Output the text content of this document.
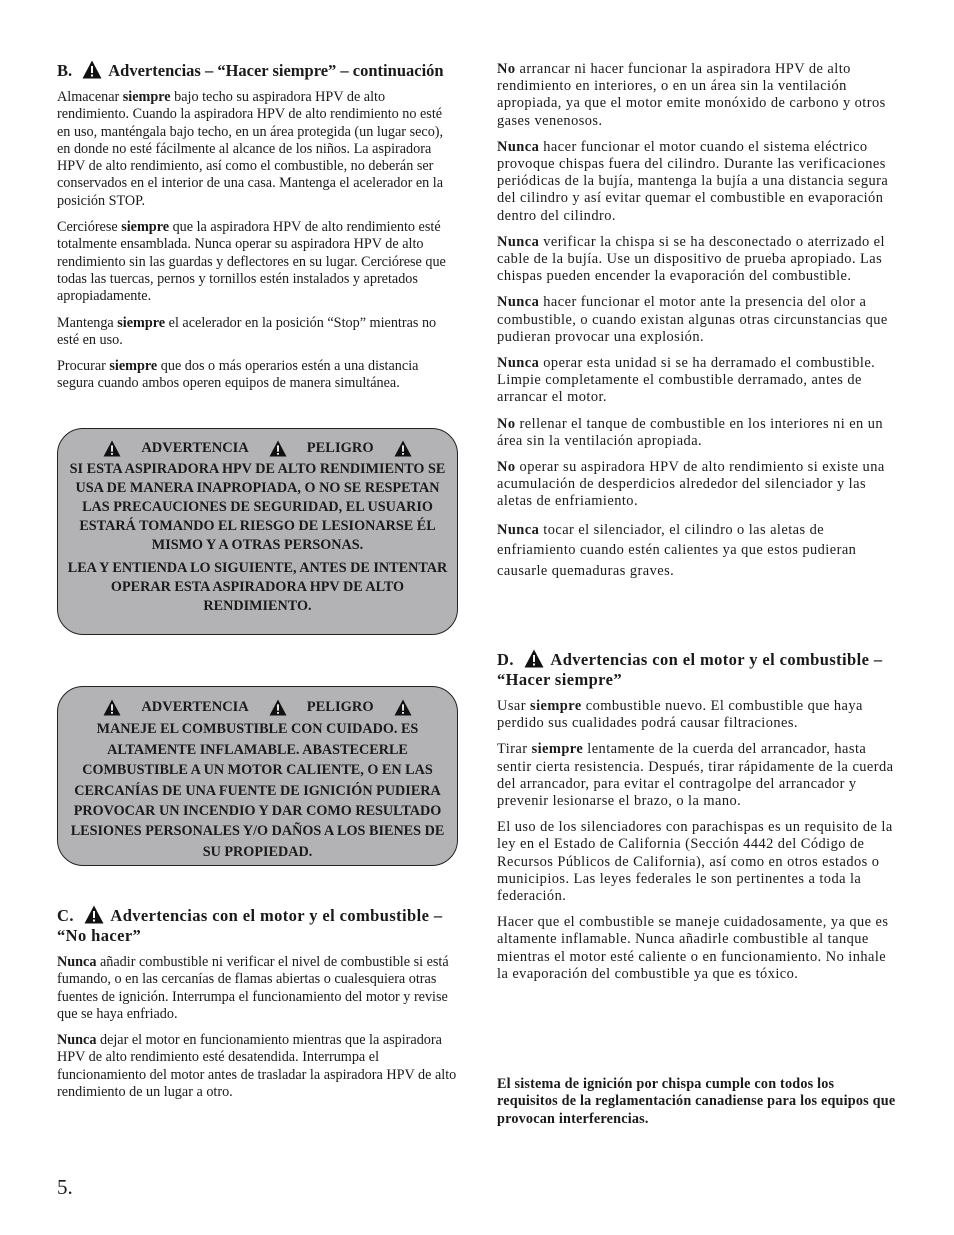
B. Advertencias – “Hacer siempre” – continuación

Almacenar siempre bajo techo su aspiradora HPV de alto rendimiento. Cuando la aspiradora HPV de alto rendimiento no esté en uso, manténgala bajo techo, en un área protegida (un lugar seco), en donde no esté fácilmente al alcance de los niños. La aspiradora HPV de alto rendimiento, así como el combustible, no deberán ser conservados en el interior de una casa. Mantenga el acelerador en la posición STOP.

Cerciórese siempre que la aspiradora HPV de alto rendimiento esté totalmente ensamblada. Nunca operar su aspiradora HPV de alto rendimiento sin las guardas y deflectores en su lugar. Cerciórese que todas las tuercas, pernos y tornillos estén instalados y apretados apropiadamente.

Mantenga siempre el acelerador en la posición “Stop” mientras no esté en uso.

Procurar siempre que dos o más operarios estén a una distancia segura cuando ambos operen equipos de manera simultánea.

ADVERTENCIA	PELIGRO

SI ESTA ASPIRADORA HPV DE ALTO RENDIMIENTO SE USA DE MANERA INAPROPIADA, O NO SE RESPETAN LAS PRECAUCIONES DE SEGURIDAD, EL USUARIO ESTARÁ TOMANDO EL RIESGO DE LESIONARSE ÉL MISMO Y A OTRAS PERSONAS.

LEA Y ENTIENDA LO SIGUIENTE, ANTES DE INTENTAR OPERAR ESTA ASPIRADORA HPV DE ALTO RENDIMIENTO.

ADVERTENCIA	PELIGRO

MANEJE EL COMBUSTIBLE CON CUIDADO. ES ALTAMENTE INFLAMABLE. ABASTECERLE COMBUSTIBLE A UN MOTOR CALIENTE, O EN LAS CERCANÍAS DE UNA FUENTE DE IGNICIÓN PUDIERA PROVOCAR UN INCENDIO Y DAR COMO RESULTADO LESIONES PERSONALES Y/O DAÑOS A LOS BIENES DE SU PROPIEDAD.

C. Advertencias con el motor y el combustible – “No hacer”

Nunca añadir combustible ni verificar el nivel de combustible si está fumando, o en las cercanías de flamas abiertas o cualesquiera otras fuentes de ignición. Interrumpa el funcionamiento del motor y revise que se haya enfriado.

Nunca dejar el motor en funcionamiento mientras que la aspiradora HPV de alto rendimiento esté desatendida. Interrumpa el funcionamiento del motor antes de trasladar la aspiradora HPV de alto rendimiento de un lugar a otro.

No arrancar ni hacer funcionar la aspiradora HPV de alto rendimiento en interiores, o en un área sin la ventilación apropiada, ya que el motor emite monóxido de carbono y otros gases venenosos.

Nunca hacer funcionar el motor cuando el sistema eléctrico provoque chispas fuera del cilindro. Durante las verificaciones periódicas de la bujía, mantenga la bujía a una distancia segura del cilindro y así evitar quemar el combustible en evaporación dentro del cilindro.

Nunca verificar la chispa si se ha desconectado o aterrizado el cable de la bujía. Use un dispositivo de prueba apropiado. Las chispas pueden encender la evaporación del combustible.

Nunca hacer funcionar el motor ante la presencia del olor a combustible, o cuando existan algunas otras circunstancias que pudieran provocar una explosión.

Nunca operar esta unidad si se ha derramado el combustible. Limpie completamente el combustible derramado, antes de arrancar el motor.

No rellenar el tanque de combustible en los interiores ni en un área sin la ventilación apropiada.

No operar su aspiradora HPV de alto rendimiento si existe una acumulación de desperdicios alrededor del silenciador y las aletas de enfriamiento.

Nunca tocar el silenciador, el cilindro o las aletas de enfriamiento cuando estén calientes ya que estos pudieran causarle quemaduras graves.

D. Advertencias con el motor y el combustible – “Hacer siempre”

Usar siempre combustible nuevo. El combustible que haya perdido sus cualidades podrá causar filtraciones.

Tirar siempre lentamente de la cuerda del arrancador, hasta sentir cierta resistencia. Después, tirar rápidamente de la cuerda del arrancador, para evitar el contragolpe del arrancador y prevenir lesionarse el brazo, o la mano.

El uso de los silenciadores con parachispas es un requisito de la ley en el Estado de California (Sección 4442 del Código de Recursos Públicos de California), así como en otros estados o municipios. Las leyes federales le son pertinentes a toda la federación.

Hacer que el combustible se maneje cuidadosamente, ya que es altamente inflamable. Nunca añadirle combustible al tanque mientras el motor esté caliente o en funcionamiento. No inhale la evaporación del combustible ya que es tóxico.

El sistema de ignición por chispa cumple con todos los requisitos de la reglamentación canadiense para los equipos que provocan interferencias.

5.
